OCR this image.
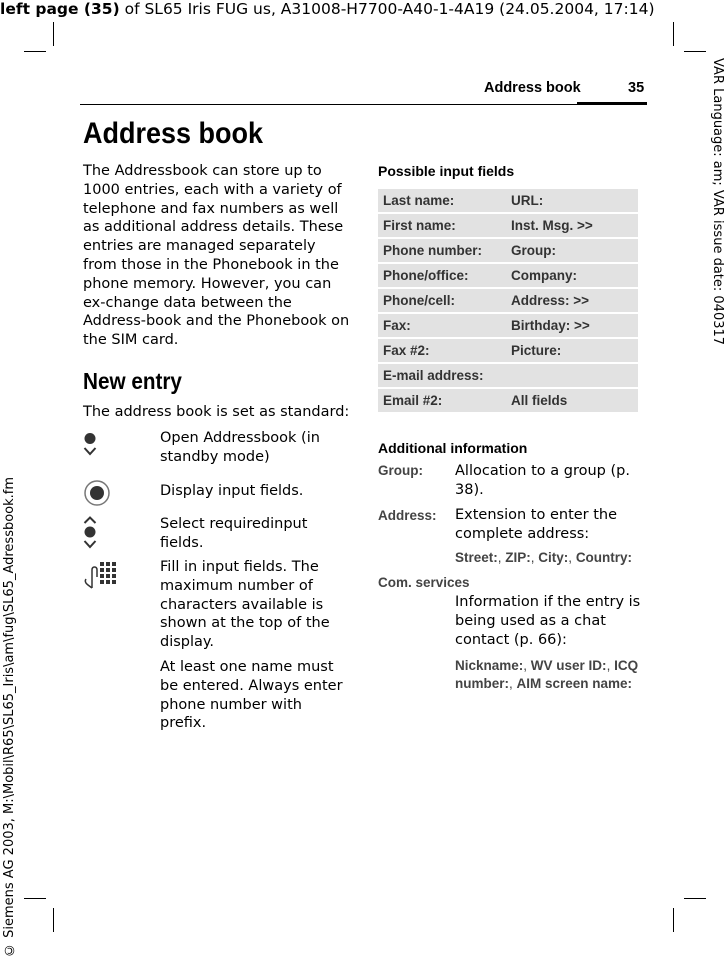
left page (35) of SL65 Iris FUG us, A31008-H7700-A40-1-4A19 (24.05.2004, 17:14)
VAR Language: am; VAR issue date: 040317
© Siemens AG 2003, M:\Mobil\R65\SL65_Iris\am\fug\SL65_Adressbook.fm
Address book	35
Address book
The Addressbook can store up to 1000 entries, each with a variety of telephone and fax numbers as well as additional address details. These entries are managed separately from those in the Phonebook in the phone memory. However, you can ex-change data between the Address-book and the Phonebook on the SIM card.
New entry
The address book is set as standard:
Open Addressbook (in standby mode)
Display input fields.
Select requiredinput fields.
Fill in input fields. The maximum number of characters available is shown at the top of the display.
At least one name must be entered. Always enter phone number with prefix.
Possible input fields
Last name:	URL:
First name:	Inst. Msg. >>
Phone number: Group:
Phone/office:	Company:
Phone/cell:	Address: >>
Fax:	Birthday: >>
Fax #2:	Picture:
E-mail address:
Email #2:	All fields
Additional information
Group: Allocation to a group (p. 38).
Address: Extension to enter the complete address:
Street:, ZIP:, City:, Country:
Com. services
Information if the entry is being used as a chat contact (p. 66):
Nickname:, WV user ID:, ICQ number:, AIM screen name:
